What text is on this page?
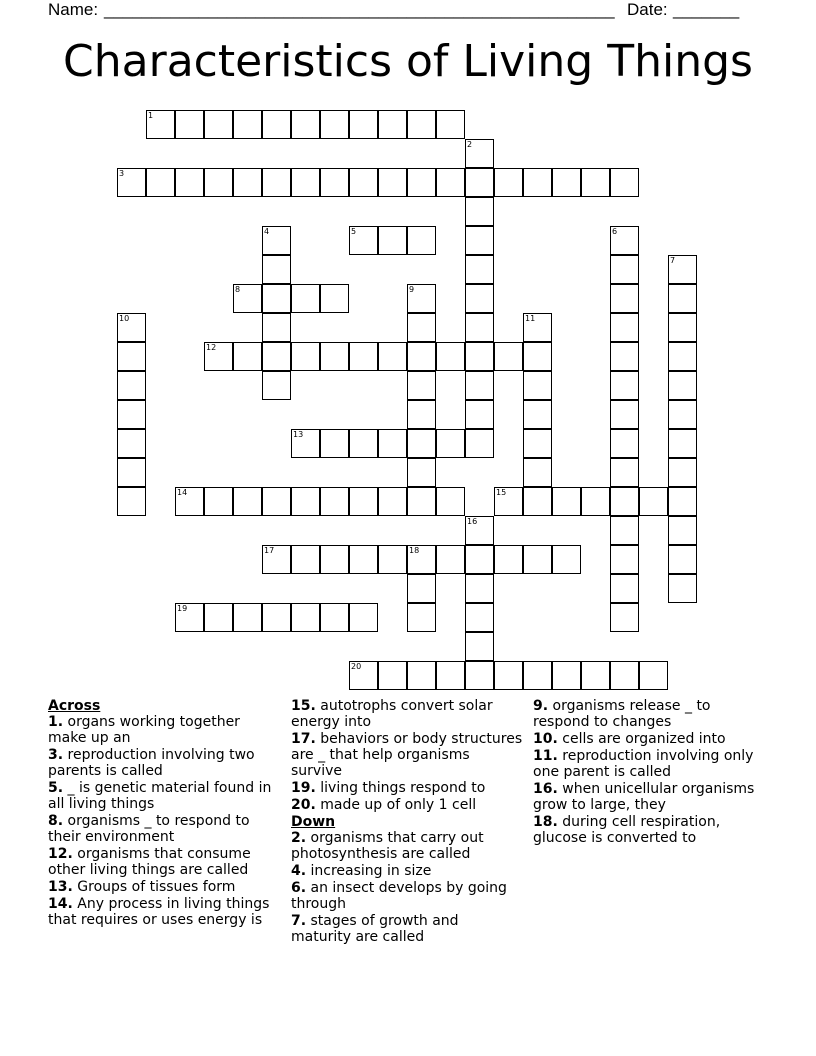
Name: ______________________________________________________ Date: _______
Characteristics of Living Things
1
3
5
8
12
13
14	15
17	18
19
20
2
4	6
7
9
10	11
16
Across
1. organs working together make up an
3. reproduction involving two parents is called
5. _ is genetic material found in all living things
8. organisms _ to respond to their environment
12. organisms that consume other living things are called
13. Groups of tissues form
14. Any process in living things that requires or uses energy is
15. autotrophs convert solar energy into
17. behaviors or body structures are _ that help organisms survive
19. living things respond to
20. made up of only 1 cell
Down
2. organisms that carry out photosynthesis are called
4. increasing in size
6. an insect develops by going through
7. stages of growth and maturity are called
9. organisms release _ to respond to changes
10. cells are organized into
11. reproduction involving only one parent is called
16. when unicellular organisms grow to large, they
18. during cell respiration, glucose is converted to
